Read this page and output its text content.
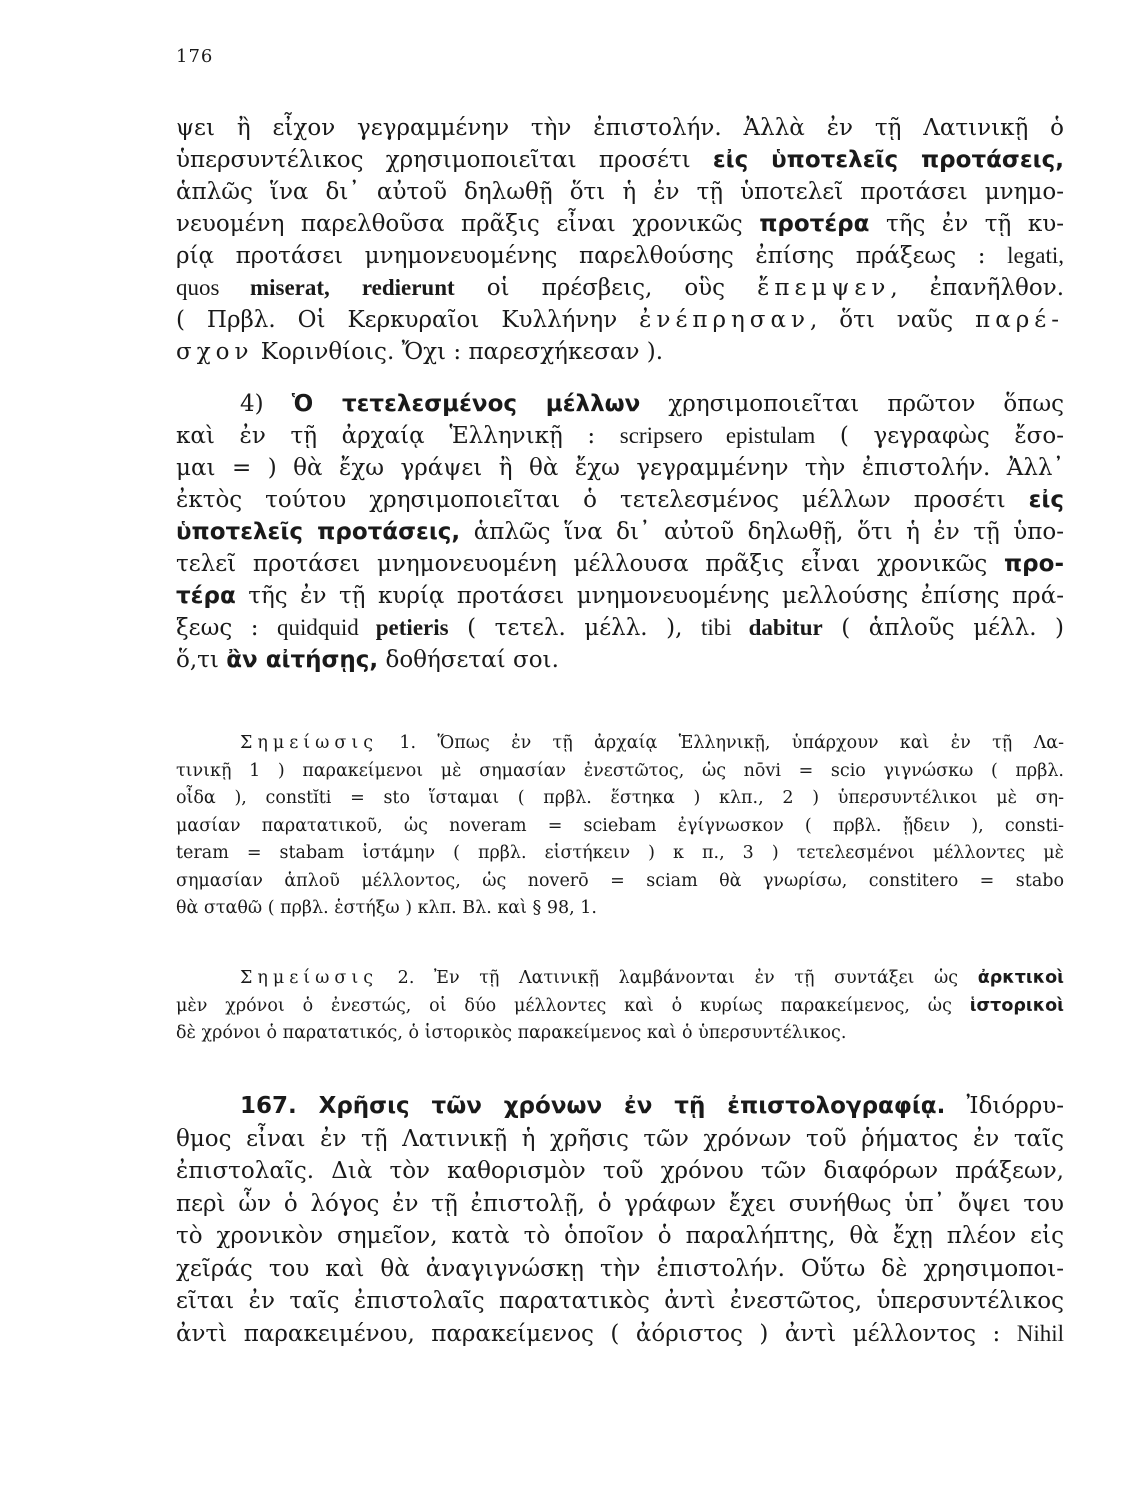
176
ψει ἢ εἶχον γεγραμμένην τὴν ἐπιστολήν. Ἀλλὰ ἐν τῇ Λατινικῇ ὁ
ὑπερσυντέλικος χρησιμοποιεῖται προσέτι εἰς ὑποτελεῖς προτάσεις,
ἁπλῶς ἵνα δι᾽ αὐτοῦ δηλωθῇ ὅτι ἡ ἐν τῇ ὑποτελεῖ προτάσει μνημο-
νευομένη παρελθοῦσα πρᾶξις εἶναι χρονικῶς προτέρα τῆς ἐν τῇ κυ-
ρίᾳ προτάσει μνημονευομένης παρελθούσης ἐπίσης πράξεως : legati,
quos miserat, redierunt οἱ πρέσβεις, οὓς ἔπεμψεν, ἐπανῆλθον.
( Πρβλ. Οἱ Κερκυραῖοι Κυλλήνην ἐνέπρησαν, ὅτι ναῦς παρέ-
σχον Κορινθίοις. Ὄχι : παρεσχήκεσαν ).
4) Ὁ τετελεσμένος μέλλων χρησιμοποιεῖται πρῶτον ὅπως
καὶ ἐν τῇ ἀρχαίᾳ Ἑλληνικῇ : scripsero epistulam ( γεγραφὼς ἔσο-
μαι = ) θὰ ἔχω γράψει ἢ θὰ ἔχω γεγραμμένην τὴν ἐπιστολήν. Ἀλλ᾽
ἐκτὸς τούτου χρησιμοποιεῖται ὁ τετελεσμένος μέλλων προσέτι εἰς
ὑποτελεῖς προτάσεις, ἁπλῶς ἵνα δι᾽ αὐτοῦ δηλωθῇ, ὅτι ἡ ἐν τῇ ὑπο-
τελεῖ προτάσει μνημονευομένη μέλλουσα πρᾶξις εἶναι χρονικῶς προ-
τέρα τῆς ἐν τῇ κυρίᾳ προτάσει μνημονευομένης μελλούσης ἐπίσης πρά-
ξεως : quidquid petieris ( τετελ. μέλλ. ), tibi dabitur ( ἁπλοῦς μέλλ. )
ὅ,τι ἂν αἰτήσῃς, δοθήσεταί σοι.
Σημείωσις 1. Ὅπως ἐν τῇ ἀρχαίᾳ Ἑλληνικῇ, ὑπάρχουν καὶ ἐν τῇ Λα-
τινικῇ 1 ) παρακείμενοι μὲ σημασίαν ἐνεστῶτος, ὡς nōvi = scio γιγνώσκω ( πρβλ.
οἶδα ), constĭti = sto ἵσταμαι ( πρβλ. ἕστηκα ) κλπ., 2 ) ὑπερσυντέλικοι μὲ ση-
μασίαν παρατατικοῦ, ὡς noveram = sciebam ἐγίγνωσκον ( πρβλ. ᾔδειν ), consti-
teram = stabam ἱστάμην ( πρβλ. εἱστήκειν ) κ π., 3 ) τετελεσμένοι μέλλοντες μὲ
σημασίαν ἁπλοῦ μέλλοντος, ὡς noverō = sciam θὰ γνωρίσω, constitero = stabo
θὰ σταθῶ ( πρβλ. ἑστήξω ) κλπ. Βλ. καὶ § 98, 1.
Σημείωσις 2. Ἐν τῇ Λατινικῇ λαμβάνονται ἐν τῇ συντάξει ὡς ἀρκτικοὶ
μὲν χρόνοι ὁ ἐνεστώς, οἱ δύο μέλλοντες καὶ ὁ κυρίως παρακείμενος, ὡς ἱστορικοὶ
δὲ χρόνοι ὁ παρατατικός, ὁ ἱστορικὸς παρακείμενος καὶ ὁ ὑπερσυντέλικος.
167. Χρῆσις τῶν χρόνων ἐν τῇ ἐπιστολογραφίᾳ. Ἰδιόρρυ-
θμος εἶναι ἐν τῇ Λατινικῇ ἡ χρῆσις τῶν χρόνων τοῦ ῥήματος ἐν ταῖς
ἐπιστολαῖς. Διὰ τὸν καθορισμὸν τοῦ χρόνου τῶν διαφόρων πράξεων,
περὶ ὧν ὁ λόγος ἐν τῇ ἐπιστολῇ, ὁ γράφων ἔχει συνήθως ὑπ᾽ ὄψει του
τὸ χρονικὸν σημεῖον, κατὰ τὸ ὁποῖον ὁ παραλήπτης, θὰ ἔχῃ πλέον εἰς
χεῖράς του καὶ θὰ ἀναγιγνώσκῃ τὴν ἐπιστολήν. Οὕτω δὲ χρησιμοποι-
εῖται ἐν ταῖς ἐπιστολαῖς παρατατικὸς ἀντὶ ἐνεστῶτος, ὑπερσυντέλικος
ἀντὶ παρακειμένου, παρακείμενος ( ἀόριστος ) ἀντὶ μέλλοντος : Nihil
